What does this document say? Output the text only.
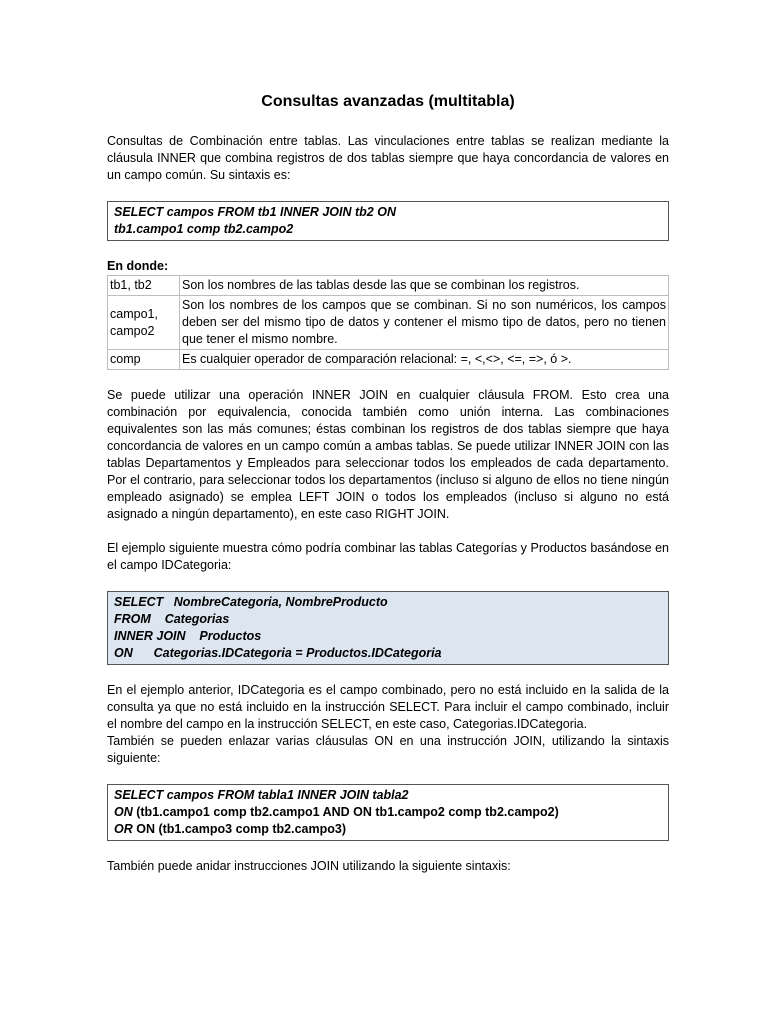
Consultas avanzadas (multitabla)

Consultas de Combinación entre tablas. Las vinculaciones entre tablas se realizan mediante la cláusula INNER que combina registros de dos tablas siempre que haya concordancia de valores en un campo común. Su sintaxis es:

SELECT campos FROM tb1 INNER JOIN tb2 ON
tb1.campo1 comp tb2.campo2

En donde:

tb1, tb2	Son los nombres de las tablas desde las que se combinan los registros.
campo1, campo2	Son los nombres de los campos que se combinan. Si no son numéricos, los campos deben ser del mismo tipo de datos y contener el mismo tipo de datos, pero no tienen que tener el mismo nombre.
comp	Es cualquier operador de comparación relacional: =, <,<>, <=, =>, ó >.

Se puede utilizar una operación INNER JOIN en cualquier cláusula FROM. Esto crea una combinación por equivalencia, conocida también como unión interna. Las combinaciones equivalentes son las más comunes; éstas combinan los registros de dos tablas siempre que haya concordancia de valores en un campo común a ambas tablas. Se puede utilizar INNER JOIN con las tablas Departamentos y Empleados para seleccionar todos los empleados de cada departamento. Por el contrario, para seleccionar todos los departamentos (incluso si alguno de ellos no tiene ningún empleado asignado) se emplea LEFT JOIN o todos los empleados (incluso si alguno no está asignado a ningún departamento), en este caso RIGHT JOIN.

El ejemplo siguiente muestra cómo podría combinar las tablas Categorías y Productos basándose en el campo IDCategoria:

SELECT   NombreCategoria, NombreProducto
FROM    Categorias
INNER JOIN    Productos
ON      Categorias.IDCategoria = Productos.IDCategoria

En el ejemplo anterior, IDCategoria es el campo combinado, pero no está incluido en la salida de la consulta ya que no está incluido en la instrucción SELECT. Para incluir el campo combinado, incluir el nombre del campo en la instrucción SELECT, en este caso, Categorias.IDCategoria.

También se pueden enlazar varias cláusulas ON en una instrucción JOIN, utilizando la sintaxis siguiente:

SELECT campos FROM tabla1 INNER JOIN tabla2
ON (tb1.campo1 comp tb2.campo1 AND ON tb1.campo2 comp tb2.campo2)
OR ON (tb1.campo3 comp tb2.campo3)

También puede anidar instrucciones JOIN utilizando la siguiente sintaxis:
